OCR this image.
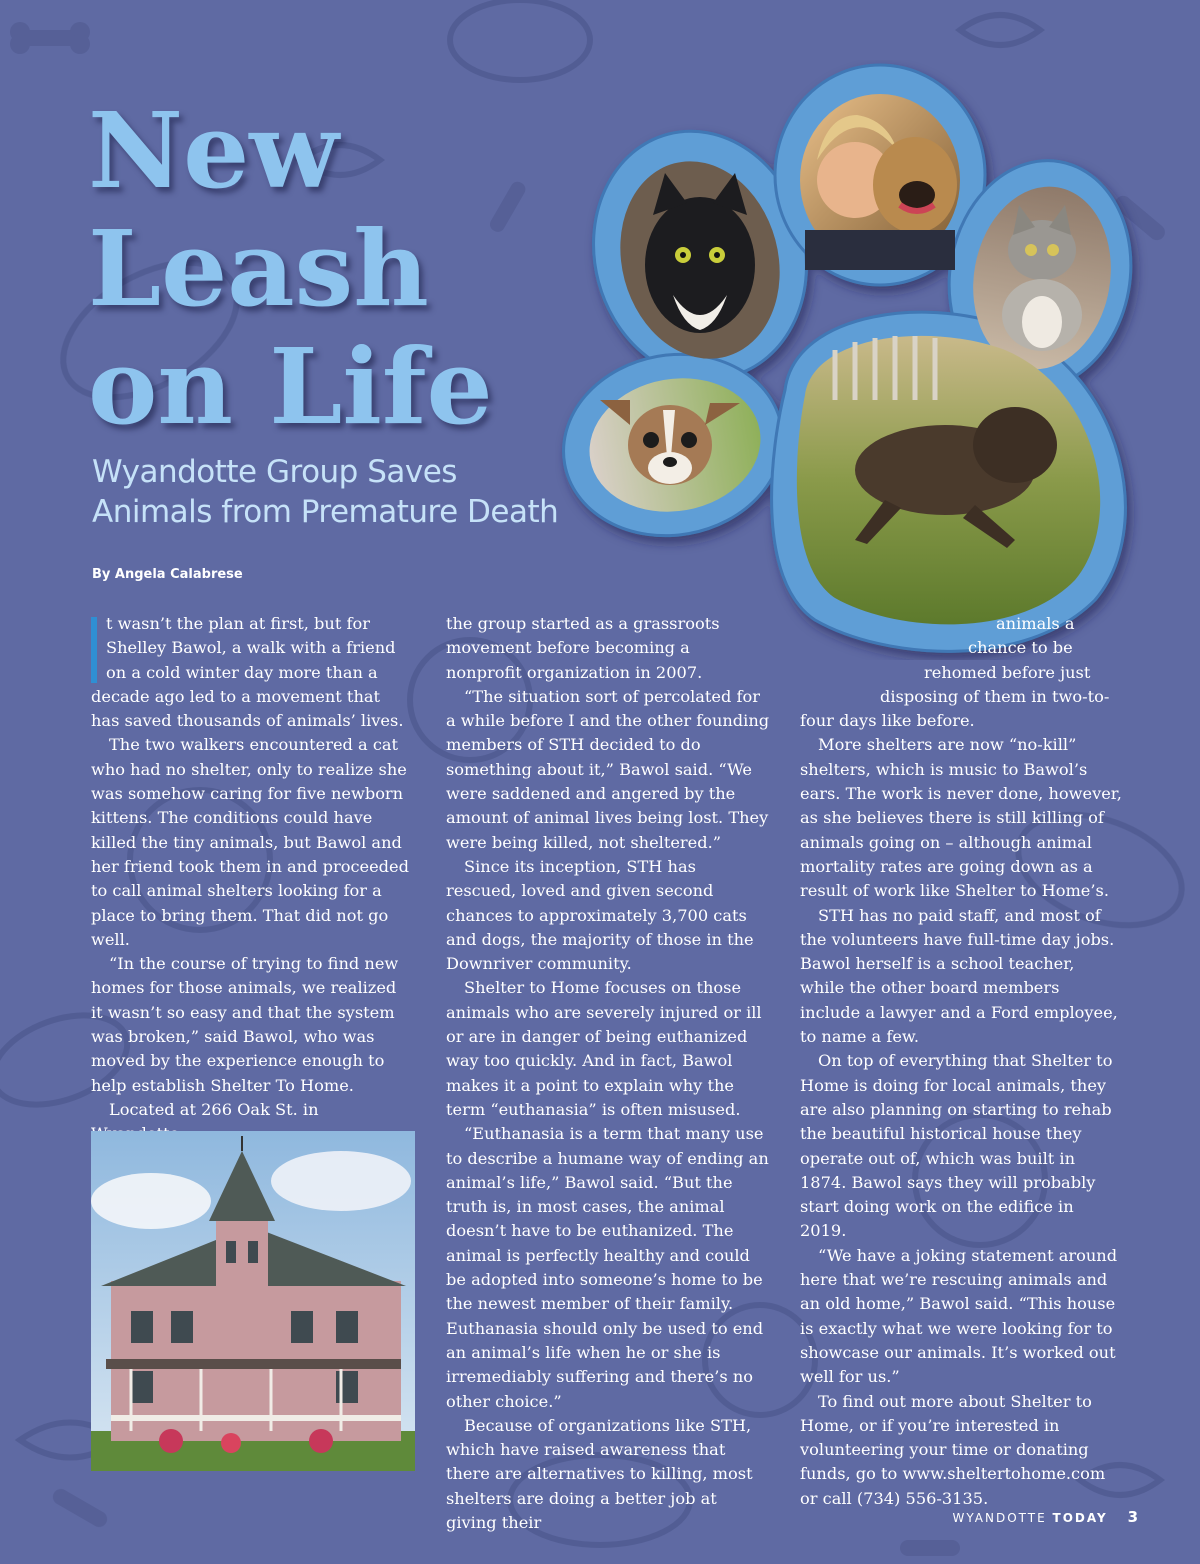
New
Leash
on Life
Wyandotte Group Saves
Animals from Premature Death
By Angela Calabrese

t wasn’t the plan at first, but for Shelley Bawol, a walk with a friend on a cold winter day more than a decade ago led to a movement that has saved thousands of animals’ lives.

The two walkers encountered a cat who had no shelter, only to realize she was somehow caring for five newborn kittens. The conditions could have killed the tiny animals, but Bawol and her friend took them in and proceeded to call animal shelters looking for a place to bring them. That did not go well.

“In the course of trying to find new homes for those animals, we realized it wasn’t so easy and that the system was broken,” said Bawol, who was moved by the experience enough to help establish Shelter To Home.

Located at 266 Oak St. in

the group started as a grassroots movement before becoming a nonprofit organization in 2007.

“The situation sort of percolated for a while before I and the other founding members of STH decided to do something about it,” Bawol said. “We were saddened and angered by the amount of animal lives being lost. They were being killed, not sheltered.”

Since its inception, STH has rescued, loved and given second chances to approximately 3,700 cats and dogs, the majority of those in the Downriver community.

Shelter to Home focuses on those animals who are severely injured or ill or are in danger of being euthanized way too quickly. And in fact, Bawol makes it a point to explain why the term “euthanasia” is often misused.

“Euthanasia is a term that many use to describe a humane way of ending an animal’s life,” Bawol said. “But the truth is, in most cases, the animal doesn’t have to be euthanized. The animal is perfectly healthy and could be adopted into someone’s home to be the newest member of their family. Euthanasia should only be used to end an animal’s life when he or she is irremediably suffering and there’s no other choice.”

Because of organizations like STH, which have raised awareness that there are alternatives to killing, most shelters are doing a better job at giving their

animals a

chance to be

rehomed before just

disposing of them in two-to-

four days like before.

More shelters are now “no-kill” shelters, which is music to Bawol’s ears. The work is never done, however, as she believes there is still killing of animals going on – although animal mortality rates are going down as a result of work like Shelter to Home’s.

STH has no paid staff, and most of the volunteers have full-time day jobs. Bawol herself is a school teacher, while the other board members include a lawyer and a Ford employee, to name a few.

On top of everything that Shelter to Home is doing for local animals, they are also planning on starting to rehab the beautiful historical house they operate out of, which was built in 1874. Bawol says they will probably start doing work on the edifice in 2019.

“We have a joking statement around here that we’re rescuing animals and an old home,” Bawol said. “This house is exactly what we were looking for to showcase our animals. It’s worked out well for us.”

To find out more about Shelter to Home, or if you’re interested in volunteering your time or donating funds, go to www.sheltertohome.com or call (734) 556-3135.

WYANDOTTE TODAY 3
